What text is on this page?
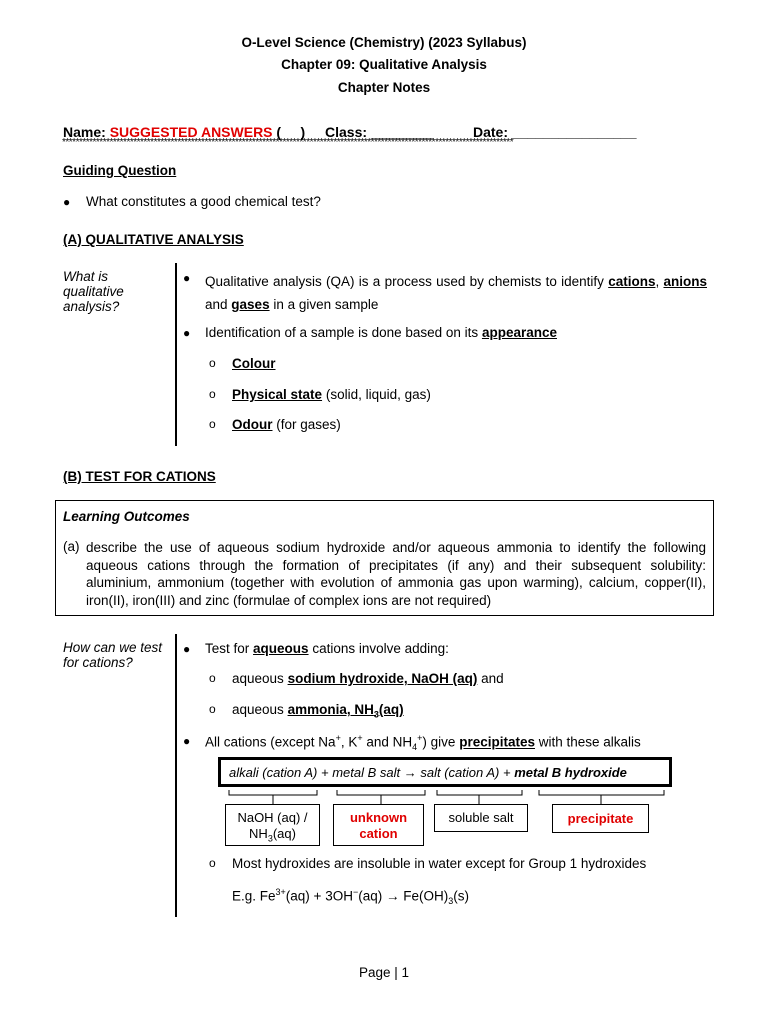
O-Level Science (Chemistry) (2023 Syllabus)
Chapter 09: Qualitative Analysis
Chapter Notes
Name: SUGGESTED ANSWERS (     ) Class: ________	Date: ________________
*************************************************************************************************************************************
Guiding Question
● What constitutes a good chemical test?
(A) QUALITATIVE ANALYSIS
What is qualitative analysis?
● Qualitative analysis (QA) is a process used by chemists to identify cations, anions and gases in a given sample
● Identification of a sample is done based on its appearance
o Colour
o Physical state (solid, liquid, gas)
o Odour (for gases)
(B) TEST FOR CATIONS
Learning Outcomes
(a) describe the use of aqueous sodium hydroxide and/or aqueous ammonia to identify the following aqueous cations through the formation of precipitates (if any) and their subsequent solubility: aluminium, ammonium (together with evolution of ammonia gas upon warming), calcium, copper(II), iron(II), iron(III) and zinc (formulae of complex ions are not required)
How can we test for cations?
● Test for aqueous cations involve adding:
o aqueous sodium hydroxide, NaOH (aq) and
o aqueous ammonia, $NH_3(aq)$
● All cations (except Na+, K+ and $NH_4^+$) give precipitates with these alkalis
alkali (cation A) + metal B salt
→
salt (cation A) +
metal B hydroxide
NaOH (aq) /
$NH_3(aq)$
unknown cation
soluble salt	precipitate
o Most hydroxides are insoluble in water except for Group 1 hydroxides
E.g. $Fe^{3+}(aq) + 3OH^-(aq) \to Fe(OH)_3(s)$
Page | 1
